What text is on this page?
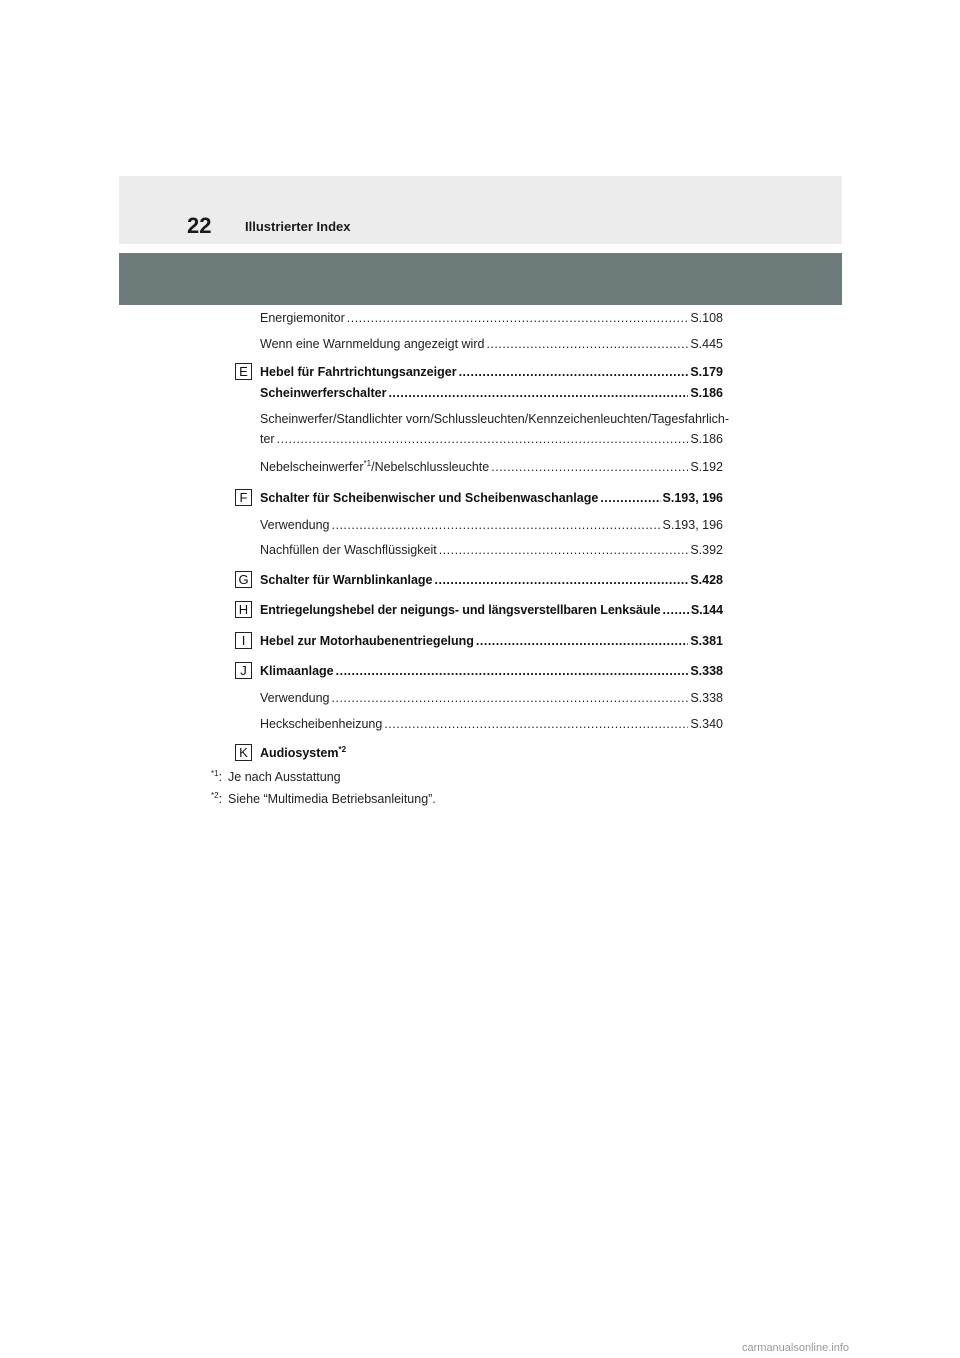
22	Illustrierter Index
Energiemonitor .....	S.108
Wenn eine Warnmeldung angezeigt wird .....	S.445
E Hebel für Fahrtrichtungsanzeiger .....	S.179
Scheinwerferschalter .....	S.186
Scheinwerfer/Standlichter vorn/Schlussleuchten/Kennzeichenleuchten/Tagesfahrlich-
ter .....	S.186
Nebelscheinwerfer$^{*1}$/Nebelschlussleuchte .....	S.192
F	Schalter für Scheibenwischer und Scheibenwaschanlage .....	S.193, 196
Verwendung .....	S.193, 196
Nachfüllen der Waschflüssigkeit .....	S.392
G Schalter für Warnblinkanlage .....	S.428
H Entriegelungshebel der neigungs- und längsverstellbaren Lenksäule ..... S.144
I	Hebel zur Motorhaubenentriegelung .....	S.381
J	Klimaanlage .....	S.338
Verwendung .....	S.338
Heckscheibenheizung .....	S.340
K Audiosystem$^{*2}$
$^{*1}$: Je nach Ausstattung
$^{*2}$: Siehe “Multimedia Betriebsanleitung”.
carmanualsonline.info
